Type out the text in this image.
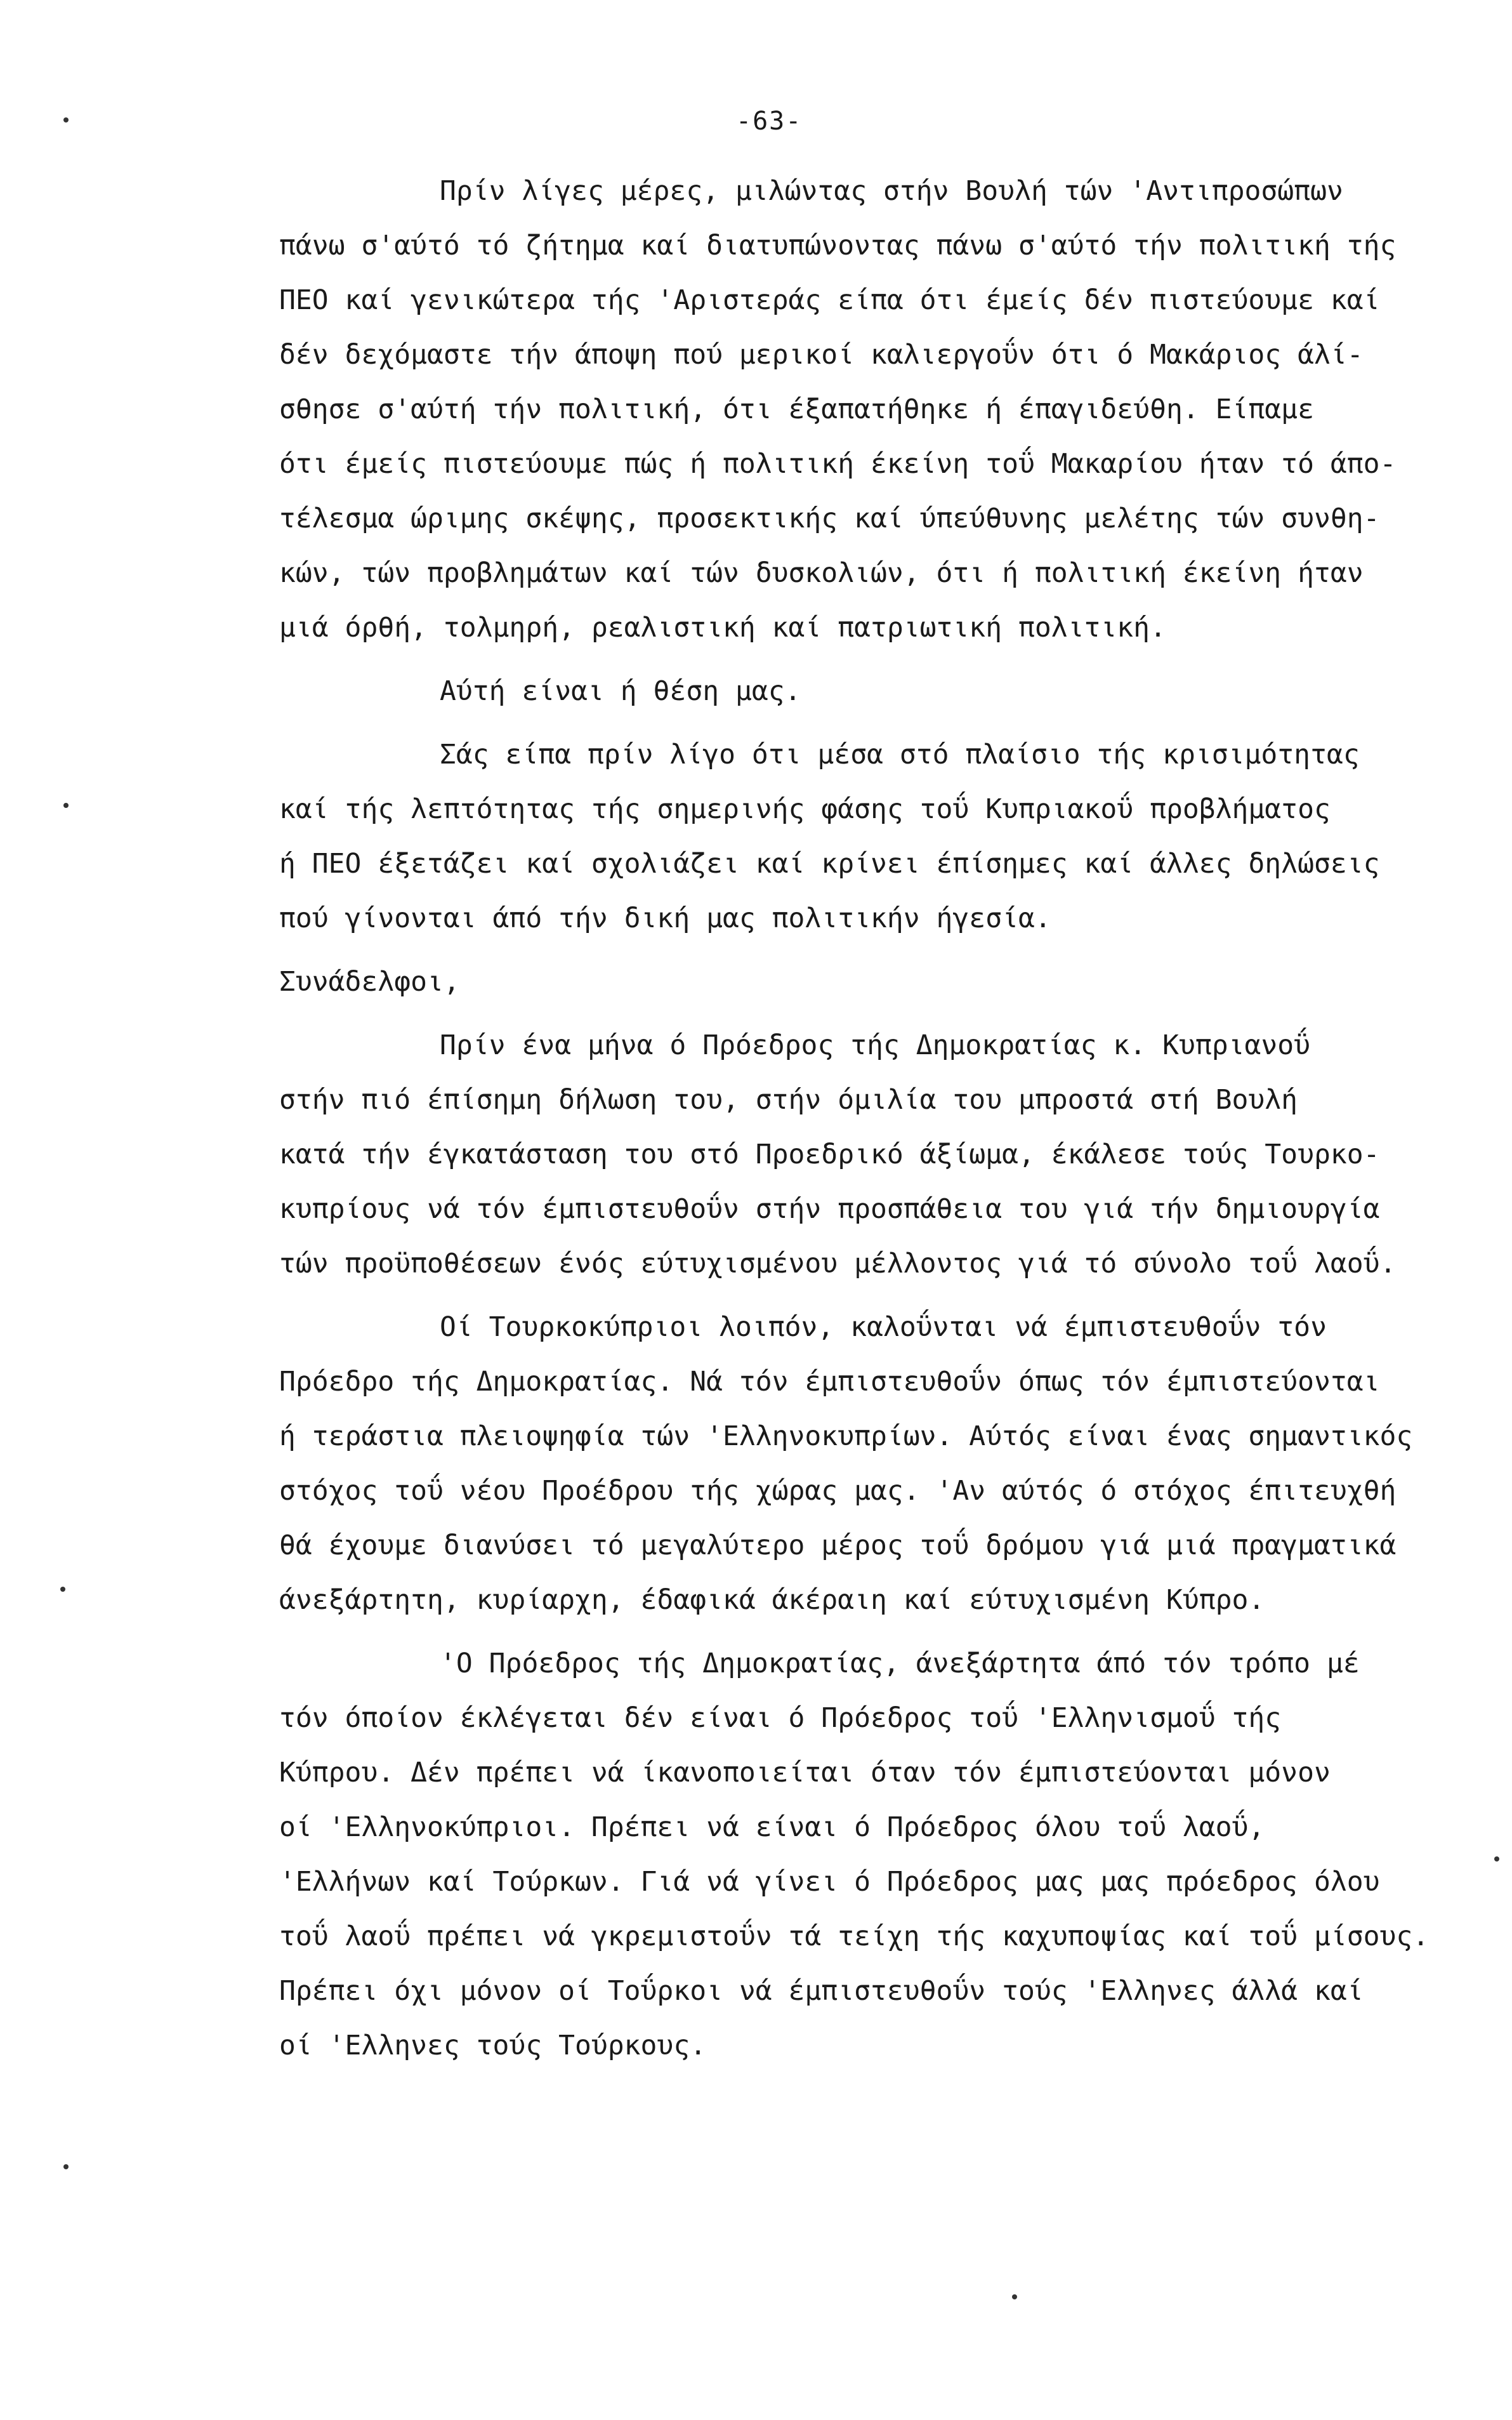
-63-
Πρίν λίγες μέρες, μιλώντας στήν Βουλή τών 'Αντιπροσώπων
πάνω σ'αύτό τό ζήτημα καί διατυπώνοντας πάνω σ'αύτό τήν πολιτική τής
ΠΕΟ καί γενικώτερα τής 'Αριστεράς είπα ότι έμείς δέν πιστεύουμε καί
δέν δεχόμαστε τήν άποψη πού μερικοί καλιεργοΰν ότι ό Μακάριος άλί-
σθησε σ'αύτή τήν πολιτική, ότι έξαπατήθηκε ή έπαγιδεύθη. Είπαμε
ότι έμείς πιστεύουμε πώς ή πολιτική έκείνη τοΰ Μακαρίου ήταν τό άπο-
τέλεσμα ώριμης σκέψης, προσεκτικής καί ύπεύθυνης μελέτης τών συνθη-
κών, τών προβλημάτων καί τών δυσκολιών, ότι ή πολιτική έκείνη ήταν
μιά όρθή, τολμηρή, ρεαλιστική καί πατριωτική πολιτική.
Αύτή είναι ή θέση μας.
Σάς είπα πρίν λίγο ότι μέσα στό πλαίσιο τής κρισιμότητας
καί τής λεπτότητας τής σημερινής φάσης τοΰ Κυπριακοΰ προβλήματος
ή ΠΕΟ έξετάζει καί σχολιάζει καί κρίνει έπίσημες καί άλλες δηλώσεις
πού γίνονται άπό τήν δική μας πολιτικήν ήγεσία.
Συνάδελφοι,
Πρίν ένα μήνα ό Πρόεδρος τής Δημοκρατίας κ. Κυπριανοΰ
στήν πιό έπίσημη δήλωση του, στήν όμιλία του μπροστά στή Βουλή
κατά τήν έγκατάσταση του στό Προεδρικό άξίωμα, έκάλεσε τούς Τουρκο-
κυπρίους νά τόν έμπιστευθοΰν στήν προσπάθεια του γιά τήν δημιουργία
τών προϋποθέσεων ένός εύτυχισμένου μέλλοντος γιά τό σύνολο τοΰ λαοΰ.
Οί Τουρκοκύπριοι λοιπόν, καλοΰνται νά έμπιστευθοΰν τόν
Πρόεδρο τής Δημοκρατίας. Νά τόν έμπιστευθοΰν όπως τόν έμπιστεύονται
ή τεράστια πλειοψηφία τών 'Ελληνοκυπρίων. Αύτός είναι ένας σημαντικός
στόχος τοΰ νέου Προέδρου τής χώρας μας. 'Αν αύτός ό στόχος έπιτευχθή
θά έχουμε διανύσει τό μεγαλύτερο μέρος τοΰ δρόμου γιά μιά πραγματικά
άνεξάρτητη, κυρίαρχη, έδαφικά άκέραιη καί εύτυχισμένη Κύπρο.
'Ο Πρόεδρος τής Δημοκρατίας, άνεξάρτητα άπό τόν τρόπο μέ
τόν όποίον έκλέγεται δέν είναι ό Πρόεδρος τοΰ 'Ελληνισμοΰ τής
Κύπρου. Δέν πρέπει νά ίκανοποιείται όταν τόν έμπιστεύονται μόνον
οί 'Ελληνοκύπριοι. Πρέπει νά είναι ό Πρόεδρος όλου τοΰ λαοΰ,
'Ελλήνων καί Τούρκων. Γιά νά γίνει ό Πρόεδρος μας μας πρόεδρος όλου
τοΰ λαοΰ πρέπει νά γκρεμιστοΰν τά τείχη τής καχυποψίας καί τοΰ μίσους.
Πρέπει όχι μόνον οί Τοΰρκοι νά έμπιστευθοΰν τούς 'Ελληνες άλλά καί
οί 'Ελληνες τούς Τούρκους.
